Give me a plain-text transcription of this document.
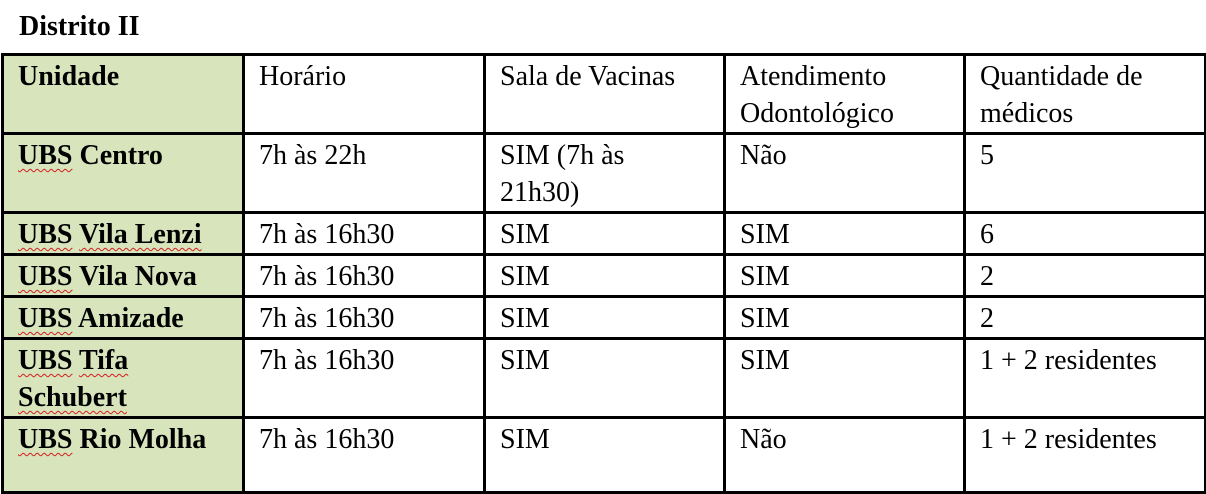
Distrito II
Unidade	Horário	Sala de Vacinas	Atendimento Odontológico	Quantidade de médicos
UBS Centro	7h às 22h	SIM (7h às 21h30)	Não	5
UBS Vila Lenzi	7h às 16h30	SIM	SIM	6
UBS Vila Nova	7h às 16h30	SIM	SIM	2
UBS Amizade	7h às 16h30	SIM	SIM	2
UBS Tifa Schubert	7h às 16h30	SIM	SIM	1 + 2 residentes
UBS Rio Molha	7h às 16h30	SIM	Não	1 + 2 residentes
